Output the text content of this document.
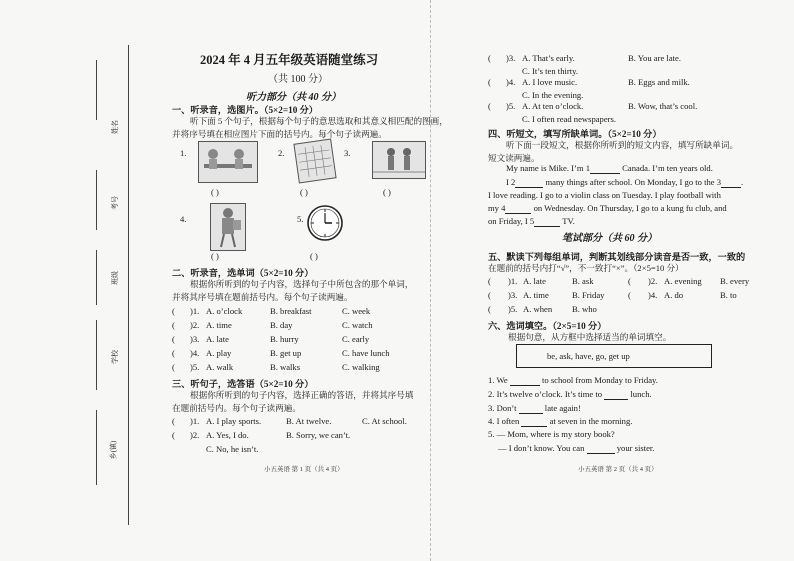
姓名
考号
班级
学校
乡(镇)
2024 年 4 月五年级英语随堂练习
（共 100 分）
听力部分（共 40 分）
一、听录音，选图片。（5×2=10 分）
听下面 5 个句子，根据每个句子的意思选取和其意义相匹配的图画，
并将序号填在相应图片下面的括号内。每个句子读两遍。
1.
( )
2.
( )
3.
( )
4.
( )
5.
( )
二、听录音，选单词（5×2=10 分）
根据你所听到的句子内容，选择句子中所包含的那个单词，
并将其序号填在题前括号内。每个句子读两遍。
( )1. A. o’clock	B. breakfast	C. week
( )2. A. time	B. day	C. watch
( )3. A. late	B. hurry	C. early
( )4. A. play	B. get up	C. have lunch
( )5. A. walk	B. walks	C. walking
三、听句子，选答语（5×2=10 分）
根据你所听到的句子内容，选择正确的答语，并将其序号填
在题前括号内。每个句子读两遍。
( )1. A. I play sports.	B. At twelve.	C. At school.
( )2. A. Yes, I do.	B. Sorry, we can’t.
C. No, he isn’t.
小五英语 第 1 页（共 4 页）
( )3. A. That’s early.	B. You are late.
C. It’s ten thirty.
( )4. A. I love music.	B. Eggs and milk.
C. In the evening.
( )5. A. At ten o’clock.	B. Wow, that’s cool.
C. I often read newspapers.
四、听短文，填写所缺单词。（5×2=10 分）
听下面一段短文，根据你所听到的短文内容，填写所缺单词。
短文读两遍。
My name is Mike. I’m 1	Canada. I’m ten years old.
I 2	many things after school. On Monday, I go to the 3 .
I love reading. I go to a violin class on Tuesday. I play football with
my 4	on Wednesday. On Thursday, I go to a kung fu club, and
on Friday, I 5	TV.
笔试部分（共 60 分）
五、默读下列每组单词，判断其划线部分读音是否一致，一致的
在题前的括号内打“√”，不一致打“×”。（2×5=10 分）
( )1. A. late	B. ask	( )2. A. evening B. every
( )3. A. time	B. Friday	( )4. A. do	B. to
( )5. A. when B. who
六、选词填空。（2×5=10 分）
根据句意，从方框中选择适当的单词填空。
be, ask, have, go, get up
1. We	to school from Monday to Friday.
2. It’s twelve o’clock. It’s time to	lunch.
3. Don’t	late again!
4. I often	at seven in the morning.
5. — Mom, where is my story book?
— I don’t know. You can	your sister.
小五英语 第 2 页（共 4 页）
